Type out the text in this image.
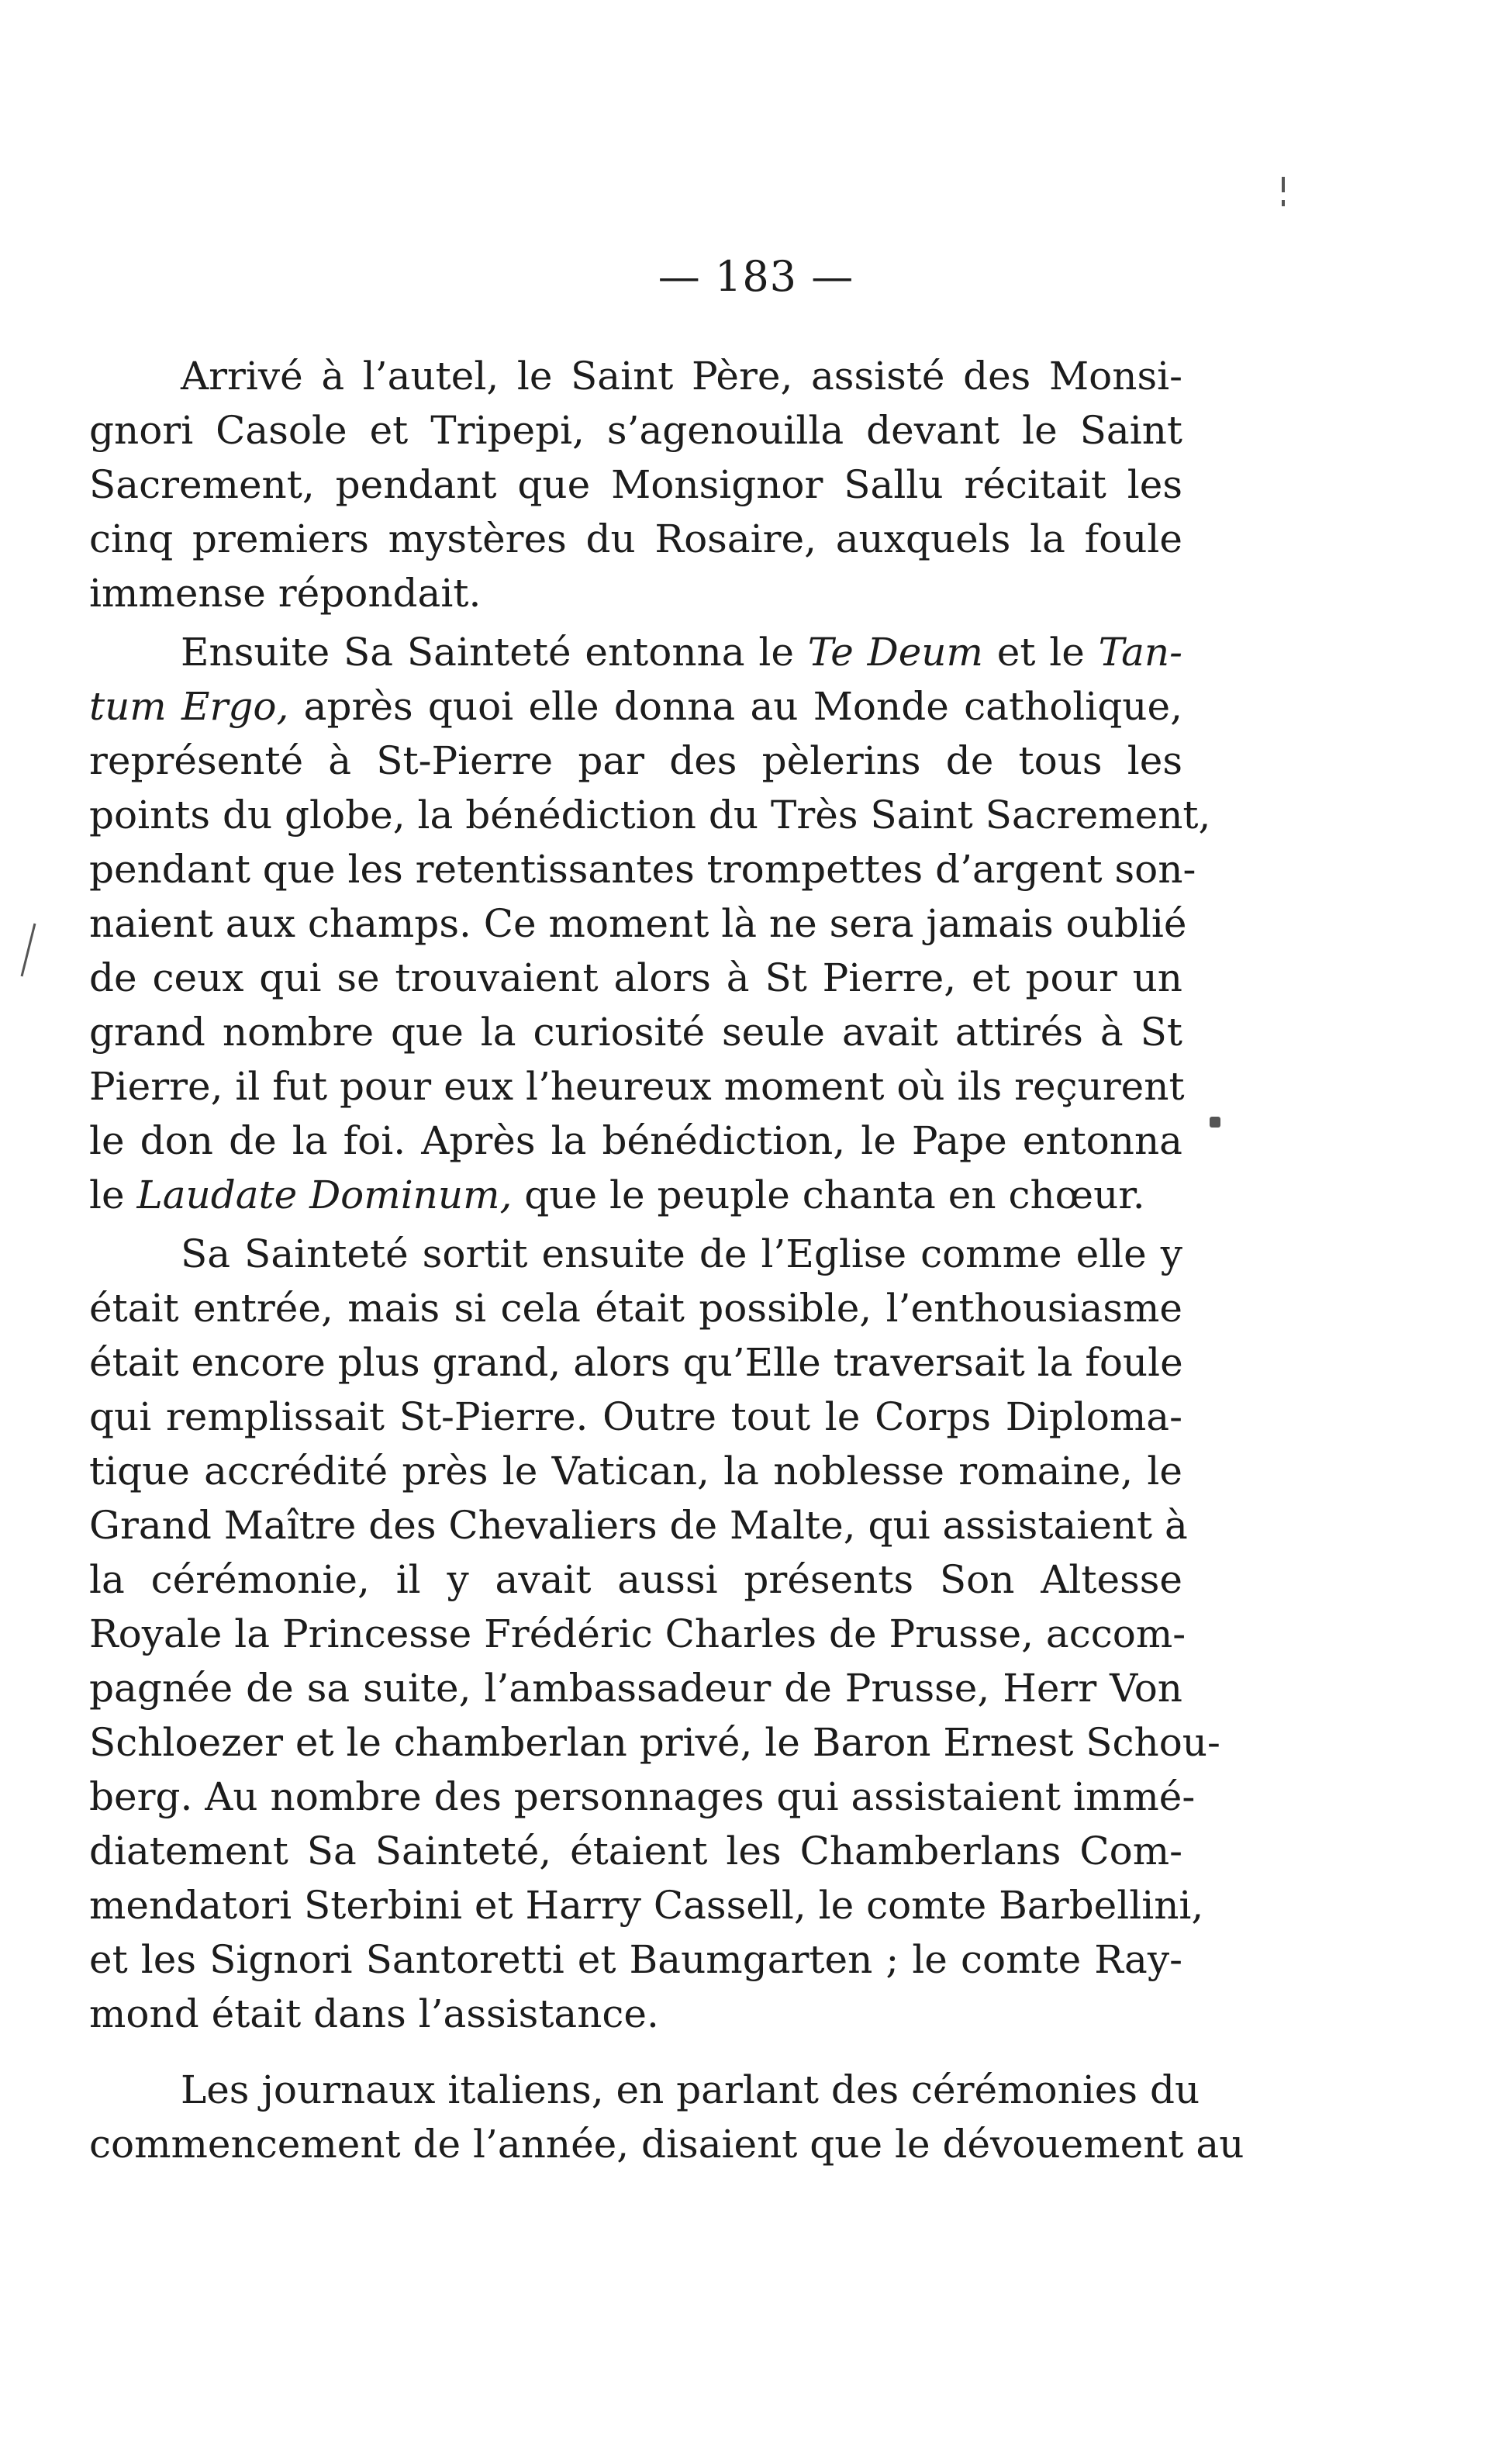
— 183 —
Arrivé à l’autel, le Saint Père, assisté des Monsi-
gnori Casole et Tripepi, s’agenouilla devant le Saint
Sacrement, pendant que Monsignor Sallu récitait les
cinq premiers mystères du Rosaire, auxquels la foule
immense répondait.
Ensuite Sa Sainteté entonna le Te Deum et le Tan-
tum Ergo, après quoi elle donna au Monde catholique,
représenté à St-Pierre par des pèlerins de tous les
points du globe, la bénédiction du Très Saint Sacrement,
pendant que les retentissantes trompettes d’argent son-
naient aux champs. Ce moment là ne sera jamais oublié
de ceux qui se trouvaient alors à St Pierre, et pour un
grand nombre que la curiosité seule avait attirés à St
Pierre, il fut pour eux l’heureux moment où ils reçurent
le don de la foi. Après la bénédiction, le Pape entonna
le Laudate Dominum, que le peuple chanta en chœur.
Sa Sainteté sortit ensuite de l’Eglise comme elle y
était entrée, mais si cela était possible, l’enthousiasme
était encore plus grand, alors qu’Elle traversait la foule
qui remplissait St-Pierre. Outre tout le Corps Diploma-
tique accrédité près le Vatican, la noblesse romaine, le
Grand Maître des Chevaliers de Malte, qui assistaient à
la cérémonie, il y avait aussi présents Son Altesse
Royale la Princesse Frédéric Charles de Prusse, accom-
pagnée de sa suite, l’ambassadeur de Prusse, Herr Von
Schloezer et le chamberlan privé, le Baron Ernest Schou-
berg. Au nombre des personnages qui assistaient immé-
diatement Sa Sainteté, étaient les Chamberlans Com-
mendatori Sterbini et Harry Cassell, le comte Barbellini,
et les Signori Santoretti et Baumgarten ; le comte Ray-
mond était dans l’assistance.
Les journaux italiens, en parlant des cérémonies du
commencement de l’année, disaient que le dévouement au
